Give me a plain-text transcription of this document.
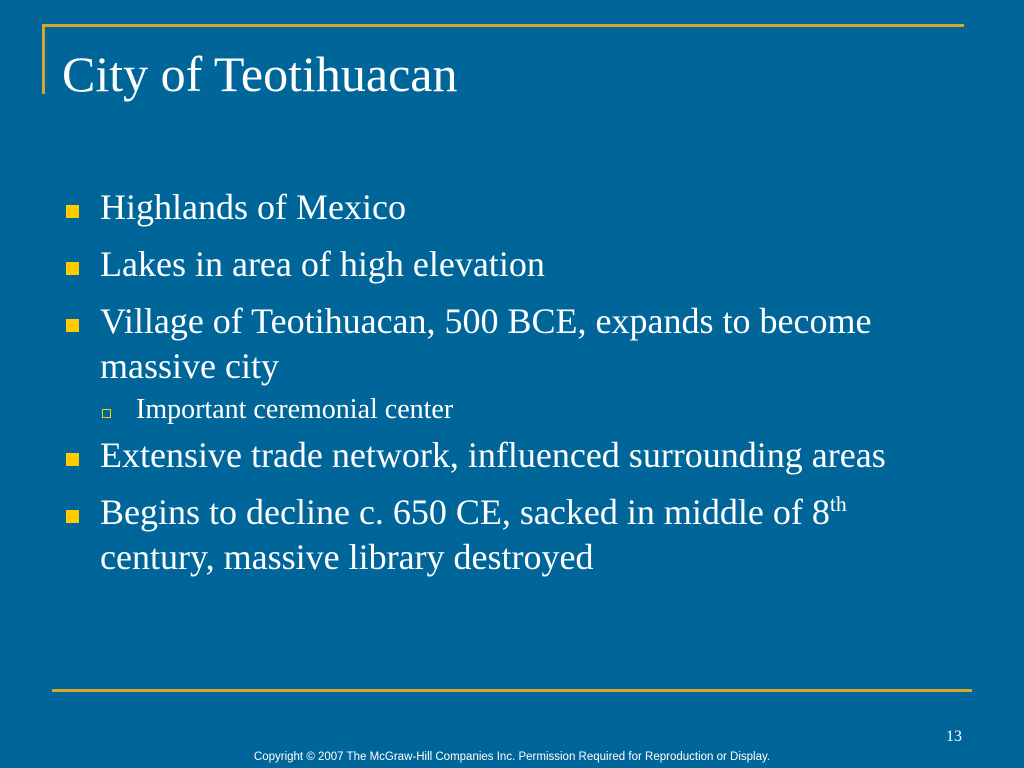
City of Teotihuacan
Highlands of Mexico
Lakes in area of high elevation
Village of Teotihuacan, 500 BCE, expands to become massive city
Important ceremonial center
Extensive trade network, influenced surrounding areas
Begins to decline c. 650 CE, sacked in middle of 8th century, massive library destroyed
13
Copyright © 2007 The McGraw-Hill Companies Inc. Permission Required for Reproduction or Display.
